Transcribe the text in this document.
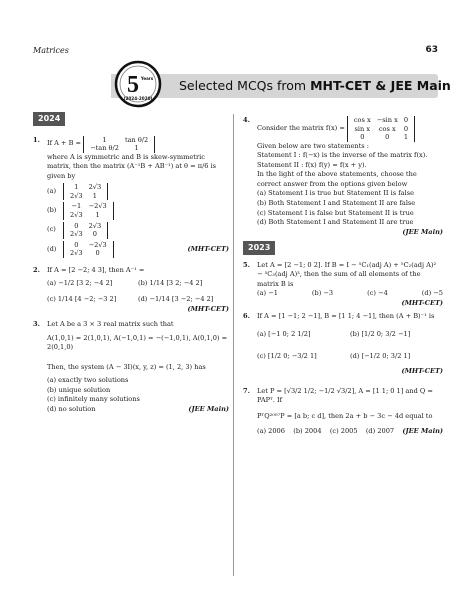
Matrices	63
5 Years
(2024-2020)
Selected MCQs from MHT-CET & JEE Main
2024
1. If A + B =	1	tan θ/2
−tan θ/2	1
where A is symmetric and B is skew-symmetric matrix, then the matrix (A⁻¹B + AB⁻¹) at θ = π/6 is given by
(a)	1	2√3
2√3	1
(b)	−1	−2√3
2√3	1
(c)	0	2√3
2√3	0
(d)	0	−2√3
2√3	0
(MHT-CET)
2. If A = [2 −2; 4 3], then A⁻¹ =
(a) −1/2 [3 2; −4 2]	(b) 1/14 [3 2; −4 2]
(c) 1/14 [4 −2; −3 2]	(d) −1/14 [3 −2; −4 2]
(MHT-CET)
3. Let A be a 3 × 3 real matrix such that
A(1,0,1) = 2(1,0,1), A(−1,0,1) = −(−1,0,1), A(0,1,0) = 2(0,1,0)
Then, the system (A − 3I)(x, y, z) = (1, 2, 3) has
(a) exactly two solutions
(b) unique solution
(c) infinitely many solutions
(d) no solution	(JEE Main)
4.
Consider the matrix f(x) =
cos x	−sin x	0
sin x	cos x	0
0	0	1
Given below are two statements :
Statement I : f(−x) is the inverse of the matrix f(x).
Statement II : f(x) f(y) = f(x + y).
In the light of the above statements, choose the correct answer from the options given below
(a) Statement I is true but Statement II is false
(b) Both Statement I and Statement II are false
(c) Statement I is false but Statement II is true
(d) Both Statement I and Statement II are true
(JEE Main)
2023
5. Let A = [2 −1; 0 2]. If B = I − ⁵C₁(adj A) + ⁵C₂(adj A)²
− ⁵C₃(adj A)³, then the sum of all elements of the matrix B is
(a) −1	(b) −3	(c) −4	(d) −5
(MHT-CET)
6. If A = [1 −1; 2 −1], B = [1 1; 4 −1], then (A + B)⁻¹ is
(a) [−1 0; 2 1/2]	(b) [1/2 0; 3/2 −1]
(c) [1/2 0; −3/2 1]	(d) [−1/2 0; 3/2 1]
(MHT-CET)
7. Let P = [√3/2 1/2; −1/2 √3/2], A = [1 1; 0 1] and Q = PAPᵀ. If
PᵀQ²⁰⁰⁷P = [a b; c d], then 2a + b − 3c − 4d equal to
(a) 2006 (b) 2004 (c) 2005 (d) 2007 (JEE Main)
